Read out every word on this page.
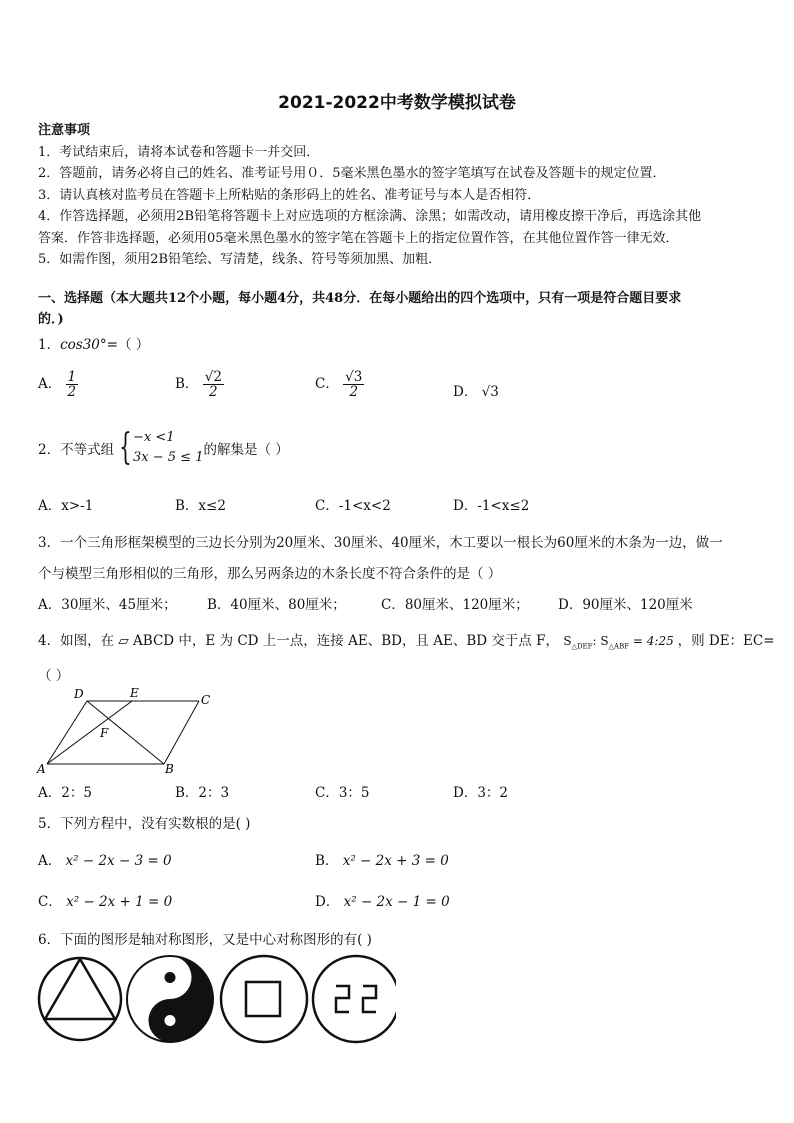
2021-2022中考数学模拟试卷
注意事项
1．考试结束后，请将本试卷和答题卡一并交回．
2．答题前，请务必将自己的姓名、准考证号用０．5毫米黑色墨水的签字笔填写在试卷及答题卡的规定位置．
3．请认真核对监考员在答题卡上所粘贴的条形码上的姓名、准考证号与本人是否相符．
4．作答选择题，必须用2B铅笔将答题卡上对应选项的方框涂满、涂黑；如需改动，请用橡皮擦干净后，再选涂其他
答案．作答非选择题，必须用05毫米黑色墨水的签字笔在答题卡上的指定位置作答，在其他位置作答一律无效．
5．如需作图，须用2B铅笔绘、写清楚，线条、符号等须加黑、加粗．
一、选择题（本大题共12个小题，每小题4分，共48分．在每小题给出的四个选项中，只有一项是符合题目要求
的．)
1．cos30°=（ ）
A． $\frac{1}{2}$	B． $\frac{√2}{2}$	C． $\frac{√3}{2}$	D． √3
2．不等式组 { −x <1
3x − 5 ≤ 1 的解集是（ ）
A．x>-1	B．x≤2	C．-1<x<2	D．-1<x≤2
3．一个三角形框架模型的三边长分别为20厘米、30厘米、40厘米，木工要以一根长为60厘米的木条为一边，做一
个与模型三角形相似的三角形，那么另两条边的木条长度不符合条件的是（ ）
A．30厘米、45厘米； B．40厘米、80厘米；	C．80厘米、120厘米； D．90厘米、120厘米
4．如图，在 ▱ ABCD 中，E 为 CD 上一点，连接 AE、BD，且 AE、BD 交于点 F， $S_{\triangle DEF}$: $S_{\triangle ABF}$ = 4:25 ，则 DE：EC=
（ ）
D	E	C
F
A	B
A．2：5	B．2：3	C．3：5	D．3：2
5．下列方程中，没有实数根的是( )
A． x² − 2x − 3 = 0	B． x² − 2x + 3 = 0
C． x² − 2x + 1 = 0	D． x² − 2x − 1 = 0
6．下面的图形是轴对称图形，又是中心对称图形的有( )
